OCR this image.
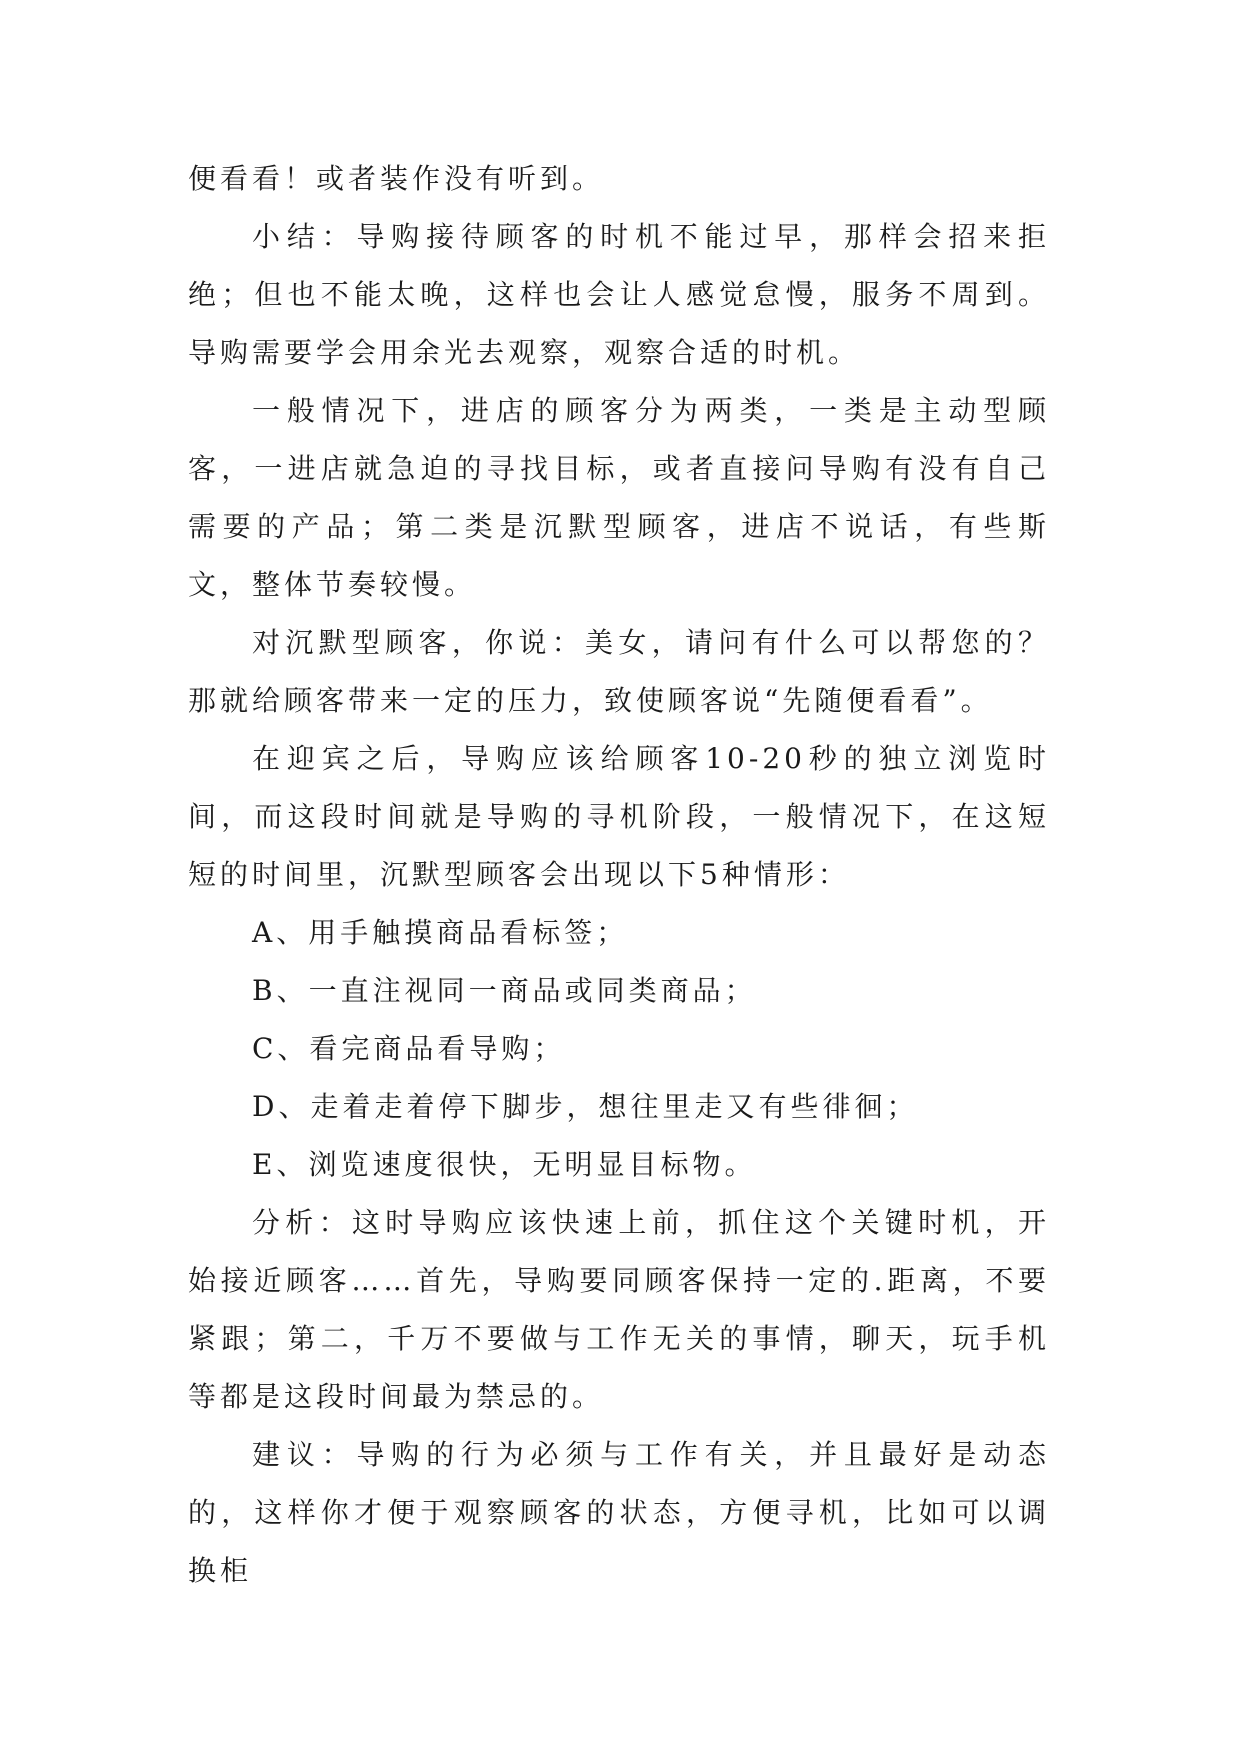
便看看！或者装作没有听到。

小结：导购接待顾客的时机不能过早，那样会招来拒绝；但也不能太晚，这样也会让人感觉怠慢，服务不周到。导购需要学会用余光去观察，观察合适的时机。

一般情况下，进店的顾客分为两类，一类是主动型顾客，一进店就急迫的寻找目标，或者直接问导购有没有自己需要的产品；第二类是沉默型顾客，进店不说话，有些斯文，整体节奏较慢。

对沉默型顾客，你说：美女，请问有什么可以帮您的？那就给顾客带来一定的压力，致使顾客说“先随便看看”。

在迎宾之后，导购应该给顾客10-20秒的独立浏览时间，而这段时间就是导购的寻机阶段，一般情况下，在这短短的时间里，沉默型顾客会出现以下5种情形：

A、用手触摸商品看标签；

B、一直注视同一商品或同类商品；

C、看完商品看导购；

D、走着走着停下脚步，想往里走又有些徘徊；

E、浏览速度很快，无明显目标物。

分析：这时导购应该快速上前，抓住这个关键时机，开始接近顾客……首先，导购要同顾客保持一定的.距离，不要紧跟；第二，千万不要做与工作无关的事情，聊天，玩手机等都是这段时间最为禁忌的。

建议：导购的行为必须与工作有关，并且最好是动态的，这样你才便于观察顾客的状态，方便寻机，比如可以调换柜
